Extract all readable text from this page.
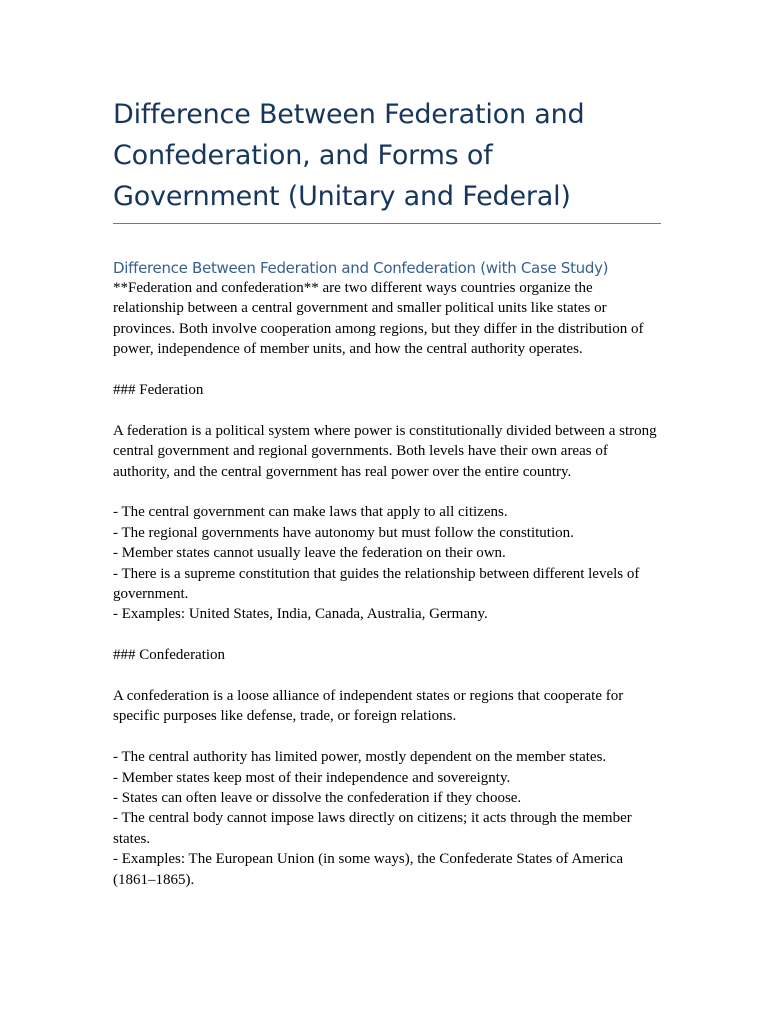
Difference Between Federation and Confederation, and Forms of Government (Unitary and Federal)
Difference Between Federation and Confederation (with Case Study)

**Federation and confederation** are two different ways countries organize the relationship between a central government and smaller political units like states or provinces. Both involve cooperation among regions, but they differ in the distribution of power, independence of member units, and how the central authority operates.

### Federation

A federation is a political system where power is constitutionally divided between a strong central government and regional governments. Both levels have their own areas of authority, and the central government has real power over the entire country.

- The central government can make laws that apply to all citizens.

- The regional governments have autonomy but must follow the constitution.

- Member states cannot usually leave the federation on their own.

- There is a supreme constitution that guides the relationship between different levels of government.

- Examples: United States, India, Canada, Australia, Germany.

### Confederation

A confederation is a loose alliance of independent states or regions that cooperate for specific purposes like defense, trade, or foreign relations.

- The central authority has limited power, mostly dependent on the member states.

- Member states keep most of their independence and sovereignty.

- States can often leave or dissolve the confederation if they choose.

- The central body cannot impose laws directly on citizens; it acts through the member states.

- Examples: The European Union (in some ways), the Confederate States of America (1861–1865).
